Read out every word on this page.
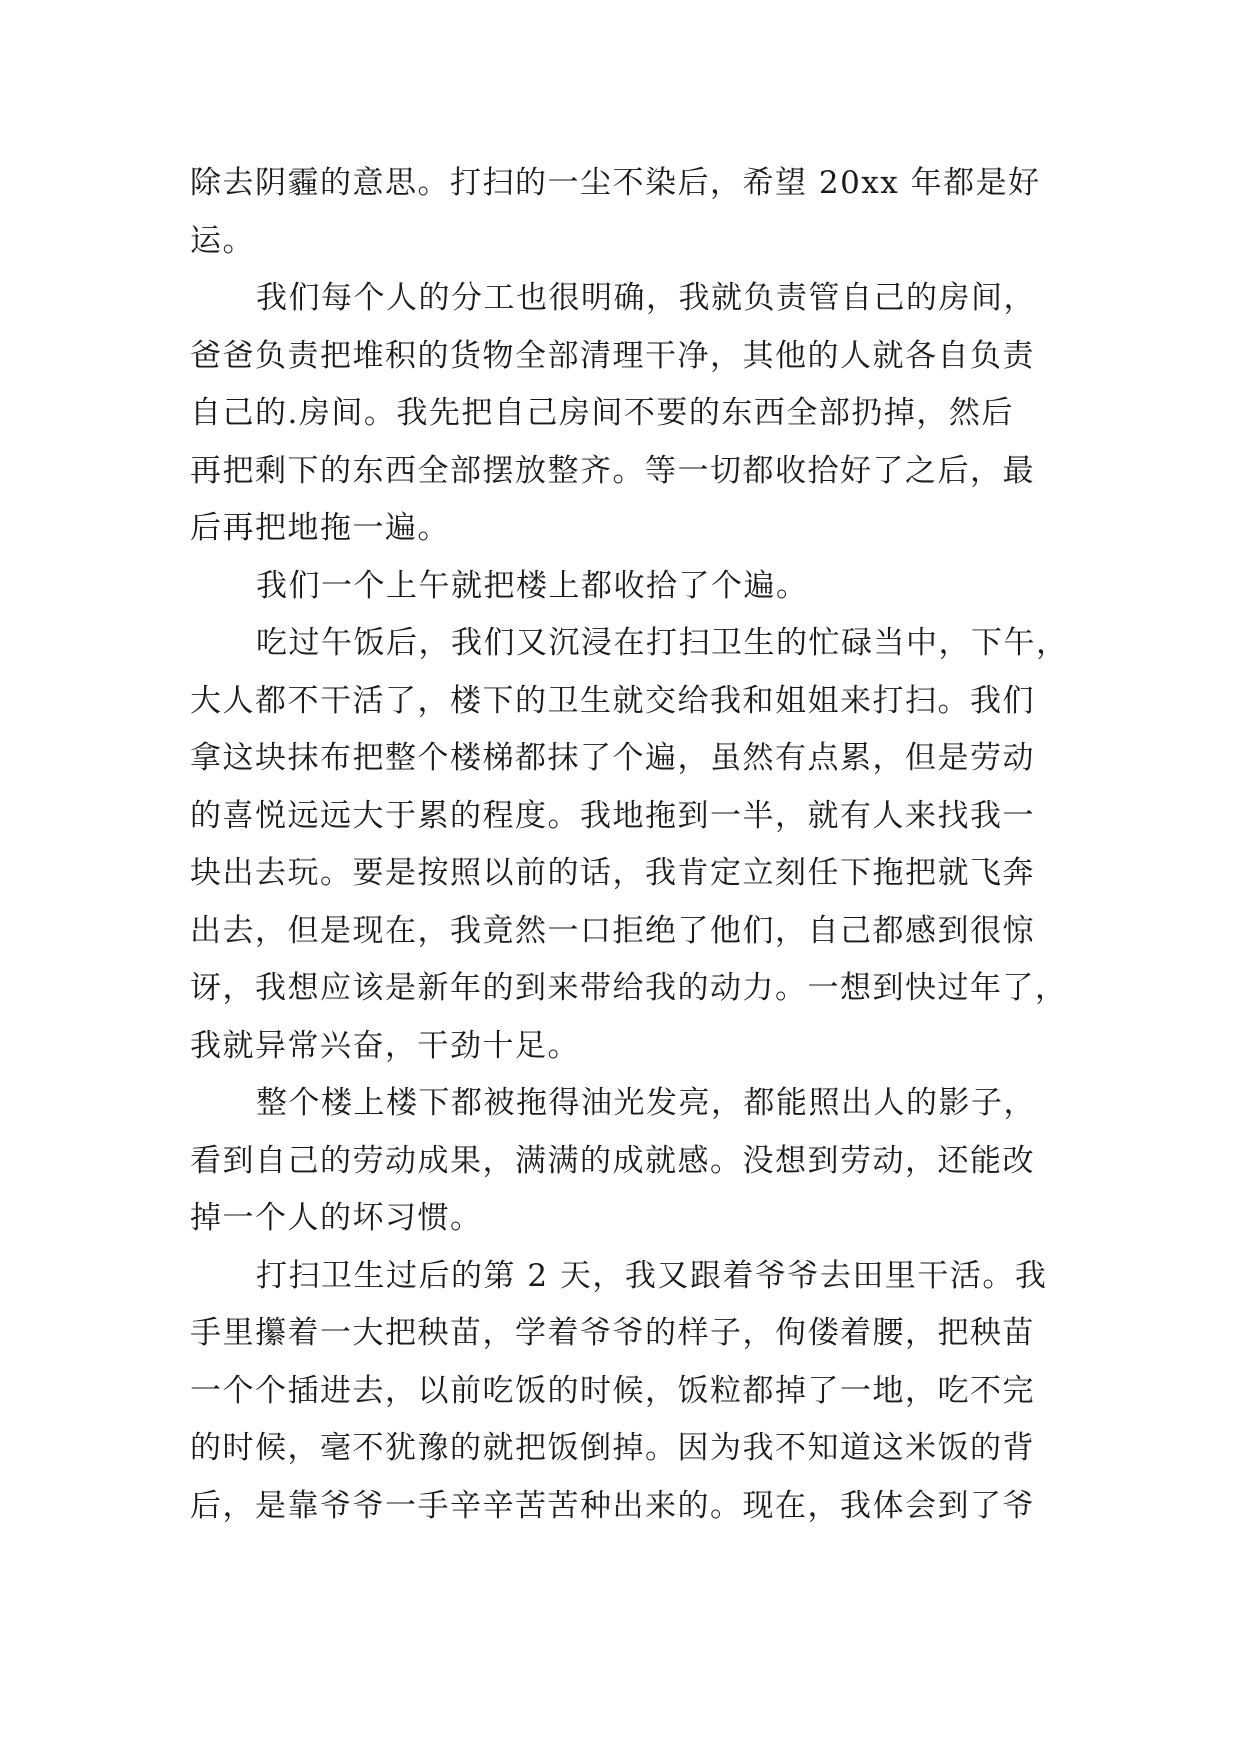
除去阴霾的意思。打扫的一尘不染后，希望 20xx 年都是好
运。
我们每个人的分工也很明确，我就负责管自己的房间，
爸爸负责把堆积的货物全部清理干净，其他的人就各自负责
自己的.房间。我先把自己房间不要的东西全部扔掉，然后
再把剩下的东西全部摆放整齐。等一切都收拾好了之后，最
后再把地拖一遍。
我们一个上午就把楼上都收拾了个遍。
吃过午饭后，我们又沉浸在打扫卫生的忙碌当中，下午，
大人都不干活了，楼下的卫生就交给我和姐姐来打扫。我们
拿这块抹布把整个楼梯都抹了个遍，虽然有点累，但是劳动
的喜悦远远大于累的程度。我地拖到一半，就有人来找我一
块出去玩。要是按照以前的话，我肯定立刻任下拖把就飞奔
出去，但是现在，我竟然一口拒绝了他们，自己都感到很惊
讶，我想应该是新年的到来带给我的动力。一想到快过年了，
我就异常兴奋，干劲十足。
整个楼上楼下都被拖得油光发亮，都能照出人的影子，
看到自己的劳动成果，满满的成就感。没想到劳动，还能改
掉一个人的坏习惯。
打扫卫生过后的第 2 天，我又跟着爷爷去田里干活。我
手里攥着一大把秧苗，学着爷爷的样子，佝偻着腰，把秧苗
一个个插进去，以前吃饭的时候，饭粒都掉了一地，吃不完
的时候，毫不犹豫的就把饭倒掉。因为我不知道这米饭的背
后，是靠爷爷一手辛辛苦苦种出来的。现在，我体会到了爷
